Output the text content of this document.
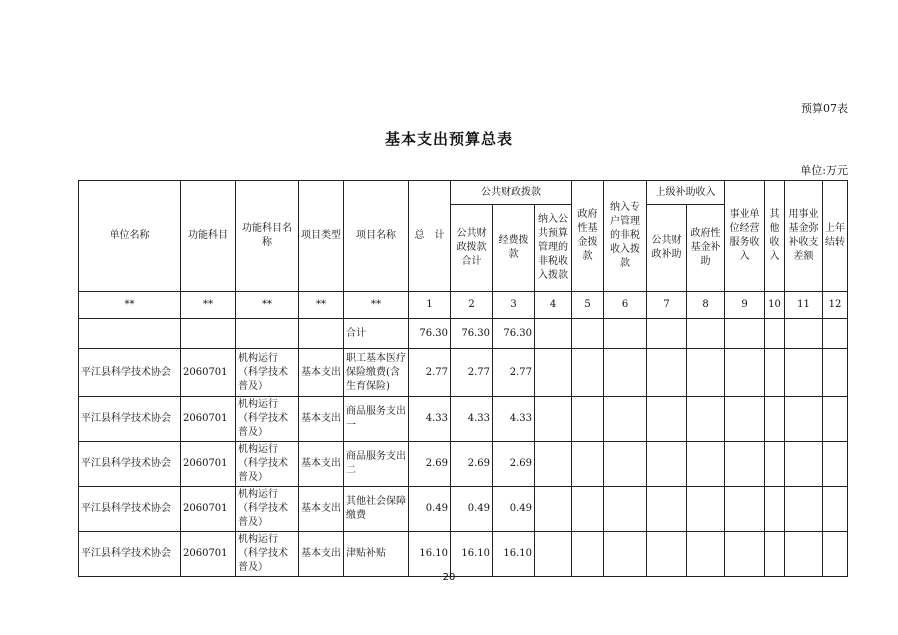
预算07表
基本支出预算总表
单位:万元
单位名称	功能科目	功能科目名称	项目类型	项目名称	总　计	公共财政拨款			政府性基金拨款	纳入专户管理的非税收入拨款	上级补助收入		事业单位经营服务收入	其他收入	用事业基金弥补收支差额	上年结转
						公共财政拨款合计	经费拨款	纳入公共预算管理的非税收入拨款			公共财政补助	政府性基金补助				
**	**	**	**	**	1	2	3	4	5	6	7	8	9	10	11	12
				合计	76.30	76.30	76.30									
平江县科学技术协会	2060701	机构运行（科学技术普及）	基本支出	职工基本医疗保险缴费(含生育保险)	2.77	2.77	2.77									
平江县科学技术协会	2060701	机构运行（科学技术普及）	基本支出	商品服务支出一	4.33	4.33	4.33									
平江县科学技术协会	2060701	机构运行（科学技术普及）	基本支出	商品服务支出二	2.69	2.69	2.69									
平江县科学技术协会	2060701	机构运行（科学技术普及）	基本支出	其他社会保障缴费	0.49	0.49	0.49									
平江县科学技术协会	2060701	机构运行（科学技术普及）	基本支出	津贴补贴	16.10	16.10	16.10									
20
